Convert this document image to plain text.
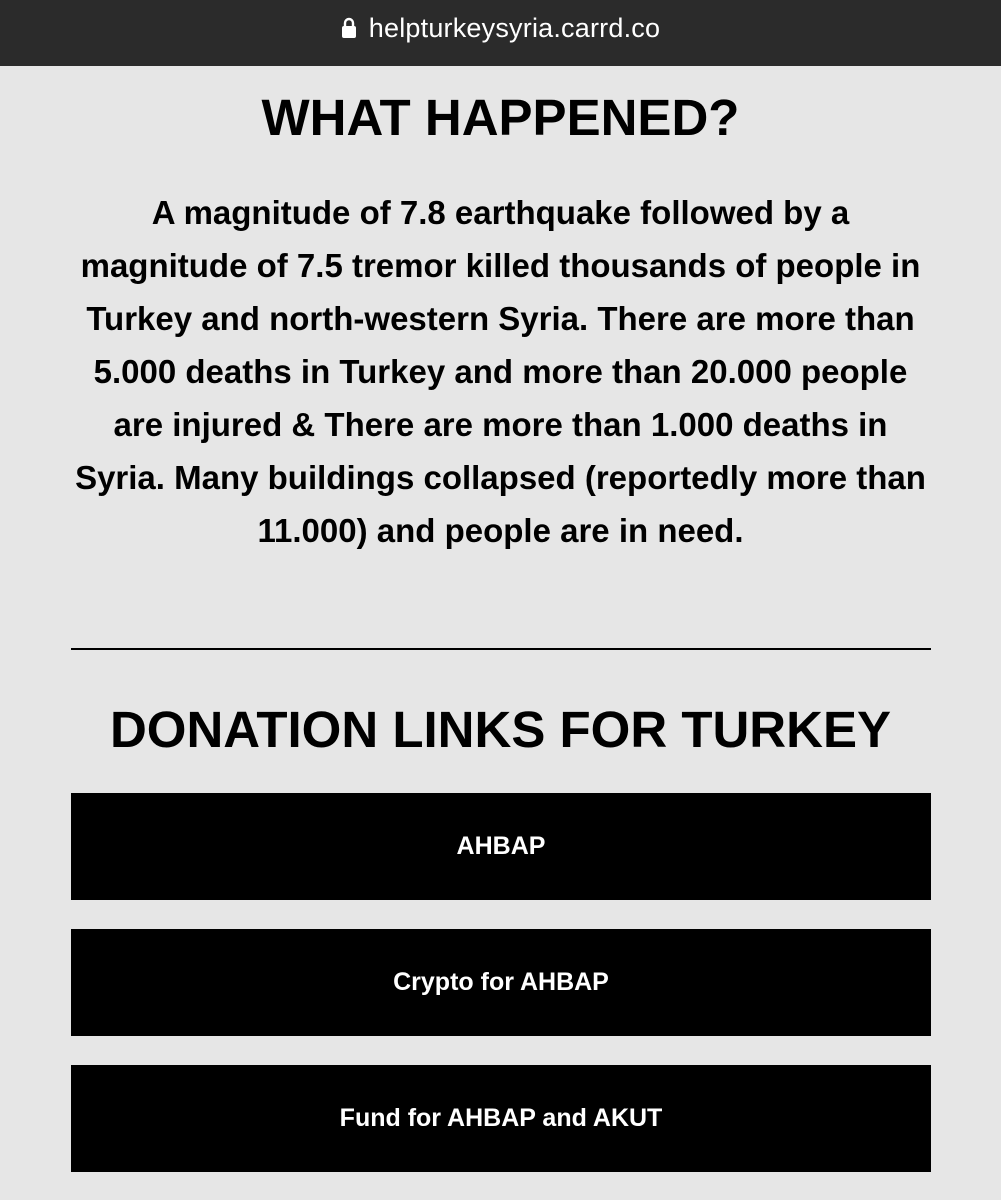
helpturkeysyria.carrd.co
WHAT HAPPENED?

A magnitude of 7.8 earthquake followed by a magnitude of 7.5 tremor killed thousands of people in Turkey and north-western Syria. There are more than 5.000 deaths in Turkey and more than 20.000 people are injured & There are more than 1.000 deaths in Syria. Many buildings collapsed (reportedly more than 11.000) and people are in need.

DONATION LINKS FOR TURKEY
AHBAP
Crypto for AHBAP
Fund for AHBAP and AKUT
